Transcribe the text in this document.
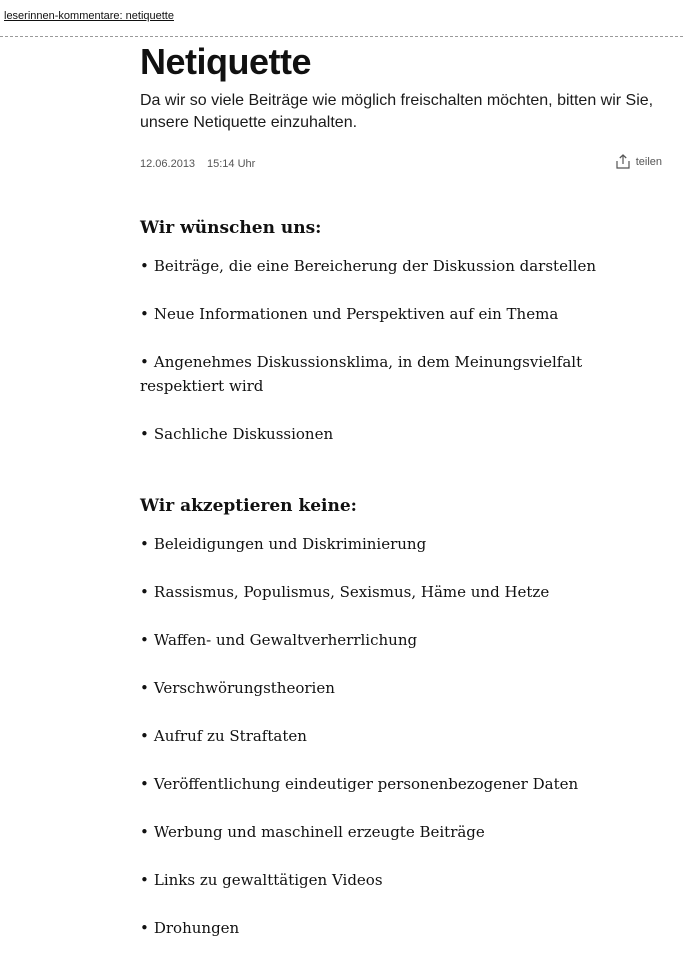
leserinnen-kommentare: netiquette
Netiquette

Da wir so viele Beiträge wie möglich freischalten möchten, bitten wir Sie, unsere Netiquette einzuhalten.

12.06.2013 15:14 Uhr	teilen
Wir wünschen uns:
• Beiträge, die eine Bereicherung der Diskussion darstellen
• Neue Informationen und Perspektiven auf ein Thema
• Angenehmes Diskussionsklima, in dem Meinungsvielfalt respektiert wird
• Sachliche Diskussionen
Wir akzeptieren keine:
• Beleidigungen und Diskriminierung
• Rassismus, Populismus, Sexismus, Häme und Hetze
• Waffen- und Gewaltverherrlichung
• Verschwörungstheorien
• Aufruf zu Straftaten
• Veröffentlichung eindeutiger personenbezogener Daten
• Werbung und maschinell erzeugte Beiträge
• Links zu gewalttätigen Videos
• Drohungen
